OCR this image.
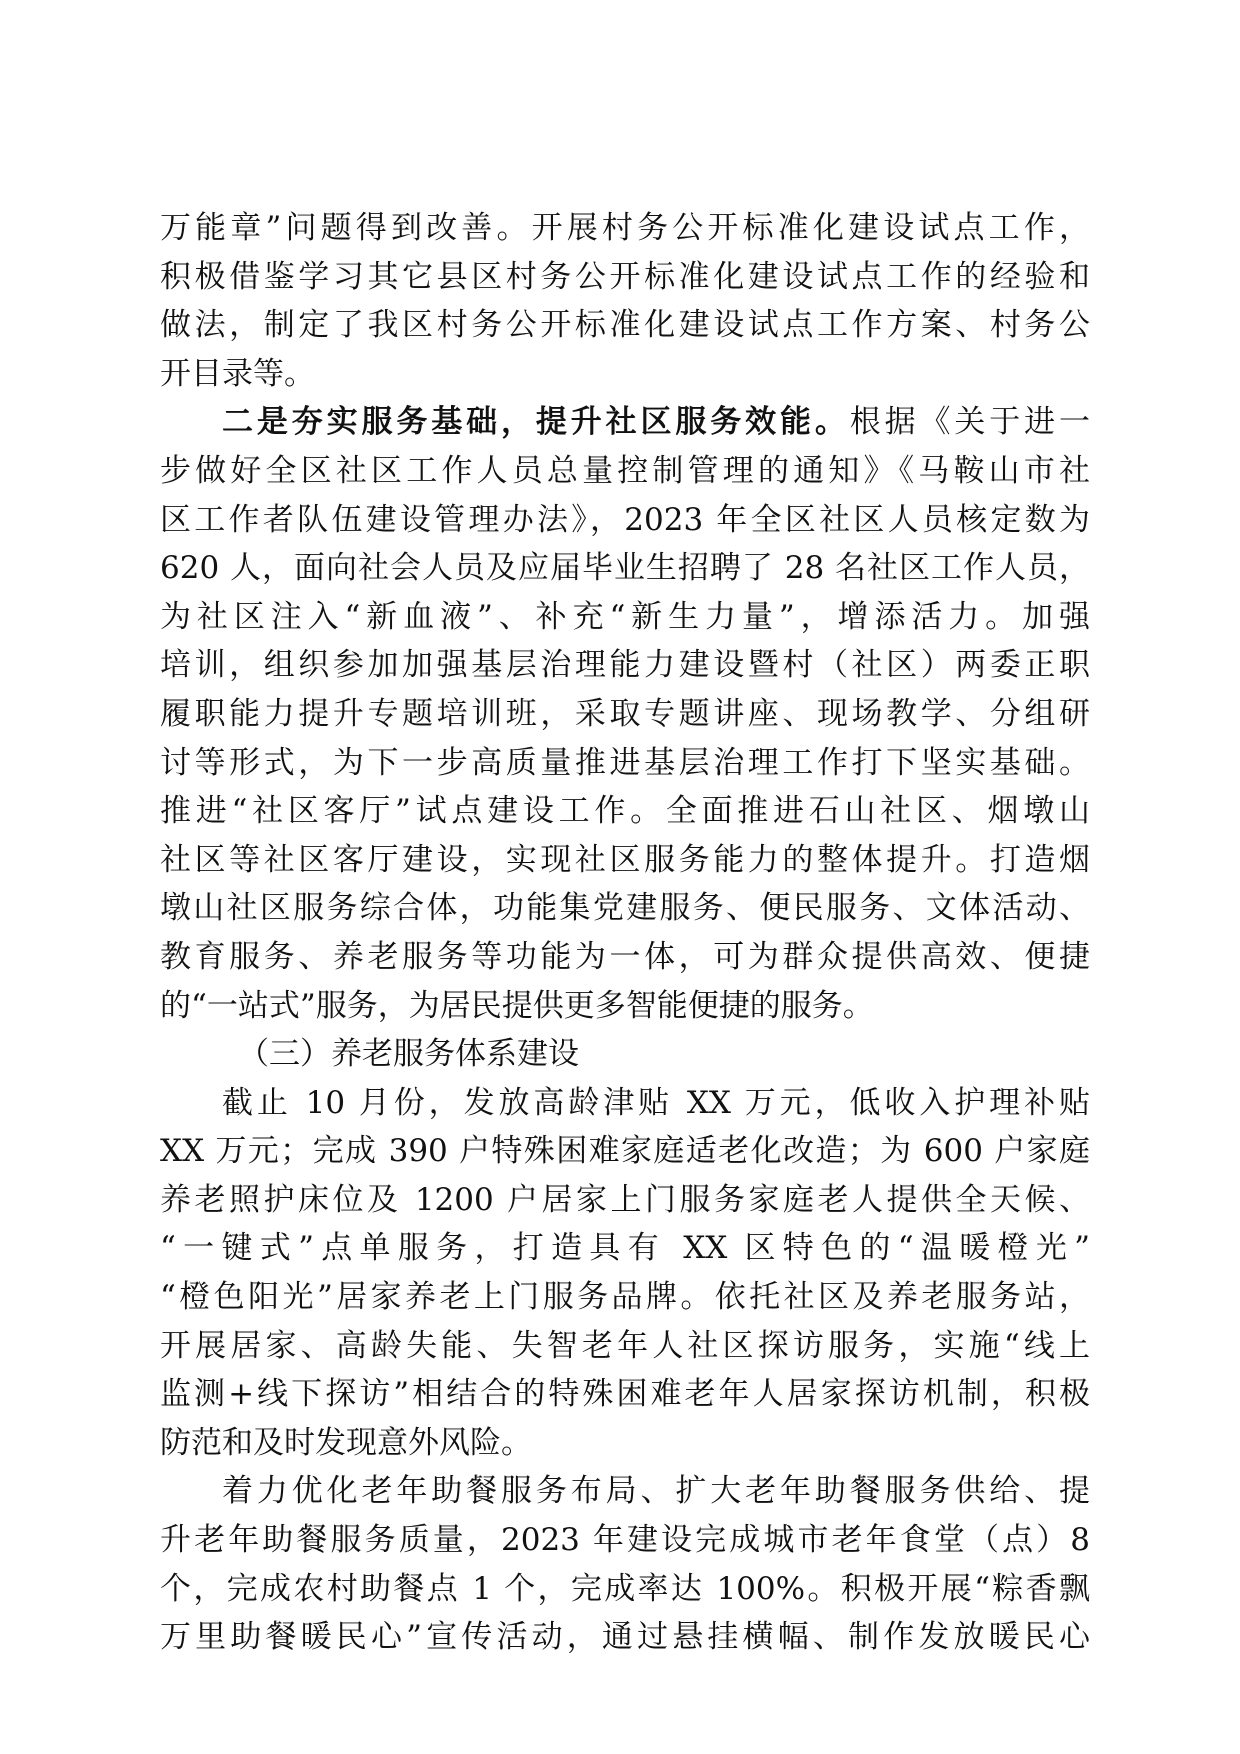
万能章”问题得到改善。开展村务公开标准化建设试点工作，
积极借鉴学习其它县区村务公开标准化建设试点工作的经验和
做法，制定了我区村务公开标准化建设试点工作方案、村务公
开目录等。
二是夯实服务基础，提升社区服务效能。根据《关于进一
步做好全区社区工作人员总量控制管理的通知》《马鞍山市社
区工作者队伍建设管理办法》，2023 年全区社区人员核定数为
620 人，面向社会人员及应届毕业生招聘了 28 名社区工作人员，
为社区注入“新血液”、补充“新生力量”，增添活力。加强
培训，组织参加加强基层治理能力建设暨村（社区）两委正职
履职能力提升专题培训班，采取专题讲座、现场教学、分组研
讨等形式，为下一步高质量推进基层治理工作打下坚实基础。
推进“社区客厅”试点建设工作。全面推进石山社区、烟墩山
社区等社区客厅建设，实现社区服务能力的整体提升。打造烟
墩山社区服务综合体，功能集党建服务、便民服务、文体活动、
教育服务、养老服务等功能为一体，可为群众提供高效、便捷
的“一站式”服务，为居民提供更多智能便捷的服务。
（三）养老服务体系建设
截止 10 月份，发放高龄津贴 XX 万元，低收入护理补贴
XX 万元；完成 390 户特殊困难家庭适老化改造；为 600 户家庭
养老照护床位及 1200 户居家上门服务家庭老人提供全天候、
“一键式”点单服务，打造具有 XX 区特色的“温暖橙光”
“橙色阳光”居家养老上门服务品牌。依托社区及养老服务站，
开展居家、高龄失能、失智老年人社区探访服务，实施“线上
监测+线下探访”相结合的特殊困难老年人居家探访机制，积极
防范和及时发现意外风险。
着力优化老年助餐服务布局、扩大老年助餐服务供给、提
升老年助餐服务质量，2023 年建设完成城市老年食堂（点）8
个，完成农村助餐点 1 个，完成率达 100%。积极开展“粽香飘
万里助餐暖民心”宣传活动，通过悬挂横幅、制作发放暖民心
